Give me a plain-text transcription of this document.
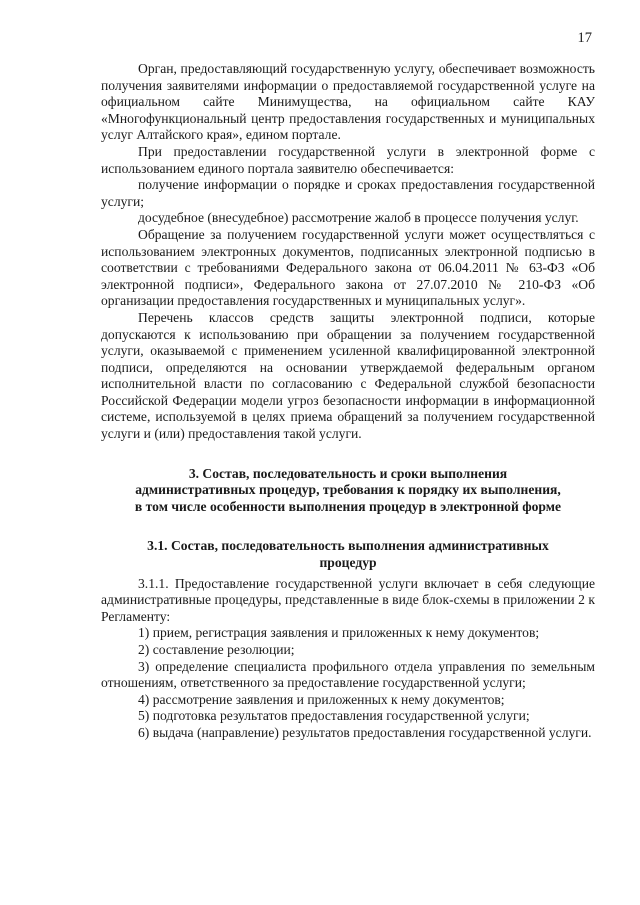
17

Орган, предоставляющий государственную услугу, обеспечивает возможность получения заявителями информации о предоставляемой государственной услуге на официальном сайте Минимущества, на официальном сайте КАУ «Многофункциональный центр предоставления государственных и муниципальных услуг Алтайского края», едином портале.

При предоставлении государственной услуги в электронной форме с использованием единого портала заявителю обеспечивается:

получение информации о порядке и сроках предоставления государственной услуги;

досудебное (внесудебное) рассмотрение жалоб в процессе получения услуг.

Обращение за получением государственной услуги может осуществляться с использованием электронных документов, подписанных электронной подписью в соответствии с требованиями Федерального закона от 06.04.2011 № 63-ФЗ «Об электронной подписи», Федерального закона от 27.07.2010 № 210-ФЗ «Об организации предоставления государственных и муниципальных услуг».

Перечень классов средств защиты электронной подписи, которые допускаются к использованию при обращении за получением государственной услуги, оказываемой с применением усиленной квалифицированной электронной подписи, определяются на основании утверждаемой федеральным органом исполнительной власти по согласованию с Федеральной службой безопасности Российской Федерации модели угроз безопасности информации в информационной системе, используемой в целях приема обращений за получением государственной услуги и (или) предоставления такой услуги.

3. Состав, последовательность и сроки выполнения
административных процедур, требования к порядку их выполнения,
в том числе особенности выполнения процедур в электронной форме
3.1. Состав, последовательность выполнения административных
процедур

3.1.1. Предоставление государственной услуги включает в себя следующие административные процедуры, представленные в виде блок-схемы в приложении 2 к Регламенту:

1) прием, регистрация заявления и приложенных к нему документов;

2) составление резолюции;

3) определение специалиста профильного отдела управления по земельным отношениям, ответственного за предоставление государственной услуги;

4) рассмотрение заявления и приложенных к нему документов;

5) подготовка результатов предоставления государственной услуги;

6) выдача (направление) результатов предоставления государственной услуги.
